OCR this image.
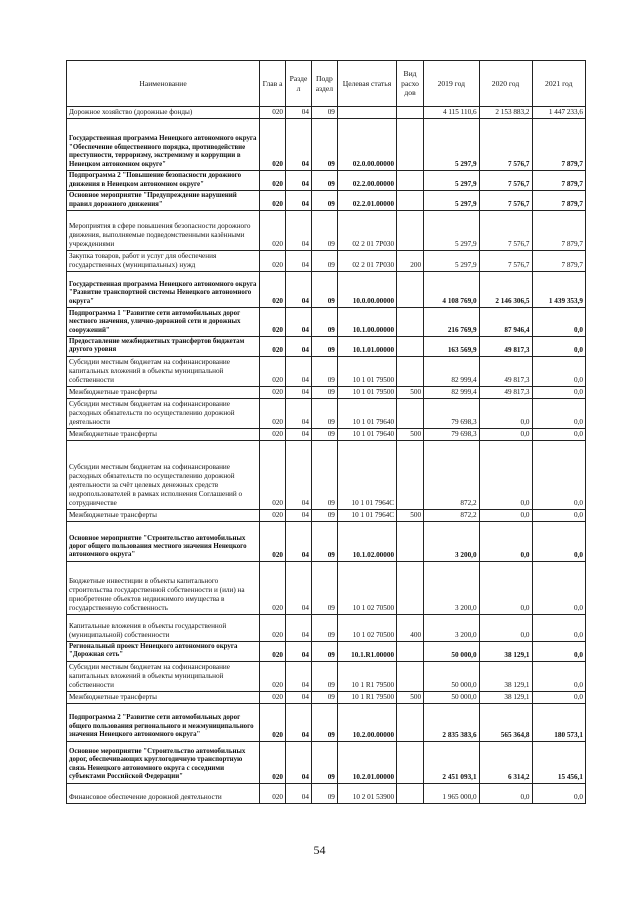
Наименование	Глав а	Разде л	Подр аздел	Целевая статья	Вид расхо дов	2019 год	2020 год	2021 год
Дорожное хозяйство (дорожные фонды)	020	04	09			4 115 110,6	2 153 883,2	1 447 233,6
Государственная программа Ненецкого автономного округа "Обеспечение общественного порядка, противодействие преступности, терроризму, экстремизму и коррупции в Ненецком автономном округе"	020	04	09	02.0.00.00000		5 297,9	7 576,7	7 879,7
Подпрограмма 2 "Повышение безопасности дорожного движения в Ненецком автономном округе"	020	04	09	02.2.00.00000		5 297,9	7 576,7	7 879,7
Основное мероприятие "Предупреждение нарушений правил дорожного движения"	020	04	09	02.2.01.00000		5 297,9	7 576,7	7 879,7
Мероприятия в сфере повышения безопасности дорожного движения, выполняемые подведомственными казёнными учреждениями	020	04	09	02 2 01 7Р030		5 297,9	7 576,7	7 879,7
Закупка товаров, работ и услуг для обеспечения государственных (муниципальных) нужд	020	04	09	02 2 01 7Р030	200	5 297,9	7 576,7	7 879,7
Государственная программа Ненецкого автономного округа "Развитие транспортной системы Ненецкого автономного округа"	020	04	09	10.0.00.00000		4 108 769,0	2 146 306,5	1 439 353,9
Подпрограмма 1 "Развитие сети автомобильных дорог местного значения, улично-дорожной сети и дорожных сооружений"	020	04	09	10.1.00.00000		216 769,9	87 946,4	0,0
Предоставление межбюджетных трансфертов бюджетам другого уровня	020	04	09	10.1.01.00000		163 569,9	49 817,3	0,0
Субсидии местным бюджетам на софинансирование капитальных вложений в объекты муниципальной собственности	020	04	09	10 1 01 79500		82 999,4	49 817,3	0,0
Межбюджетные трансферты	020	04	09	10 1 01 79500	500	82 999,4	49 817,3	0,0
Субсидии местным бюджетам на софинансирование расходных обязательств по осуществлению дорожной деятельности	020	04	09	10 1 01 79640		79 698,3	0,0	0,0
Межбюджетные трансферты	020	04	09	10 1 01 79640	500	79 698,3	0,0	0,0
Субсидии местным бюджетам на софинансирование расходных обязательств по осуществлению дорожной деятельности за счёт целевых денежных средств недропользователей в рамках исполнения Соглашений о сотрудничестве	020	04	09	10 1 01 7964С		872,2	0,0	0,0
Межбюджетные трансферты	020	04	09	10 1 01 7964С	500	872,2	0,0	0,0
Основное мероприятие "Строительство автомобильных дорог общего пользования местного значения Ненецкого автономного округа"	020	04	09	10.1.02.00000		3 200,0	0,0	0,0
Бюджетные инвестиции в объекты капитального строительства государственной собственности и (или) на приобретение объектов недвижимого имущества в государственную собственность	020	04	09	10 1 02 70500		3 200,0	0,0	0,0
Капитальные вложения в объекты государственной (муниципальной) собственности	020	04	09	10 1 02 70500	400	3 200,0	0,0	0,0
Региональный проект Ненецкого автономного округа "Дорожная сеть"	020	04	09	10.1.R1.00000		50 000,0	38 129,1	0,0
Субсидии местным бюджетам на софинансирование капитальных вложений в объекты муниципальной собственности	020	04	09	10 1 R1 79500		50 000,0	38 129,1	0,0
Межбюджетные трансферты	020	04	09	10 1 R1 79500	500	50 000,0	38 129,1	0,0
Подпрограмма 2 "Развитие сети автомобильных дорог общего пользования регионального и межмуниципального значения Ненецкого автономного округа"	020	04	09	10.2.00.00000		2 835 383,6	565 364,8	180 573,1
Основное мероприятие "Строительство автомобильных дорог, обеспечивающих круглогодичную транспортную связь Ненецкого автономного округа с соседними субъектами Российской Федерации"	020	04	09	10.2.01.00000		2 451 093,1	6 314,2	15 456,1
Финансовое обеспечение дорожной деятельности	020	04	09	10 2 01 53900		1 965 000,0	0,0	0,0
54
